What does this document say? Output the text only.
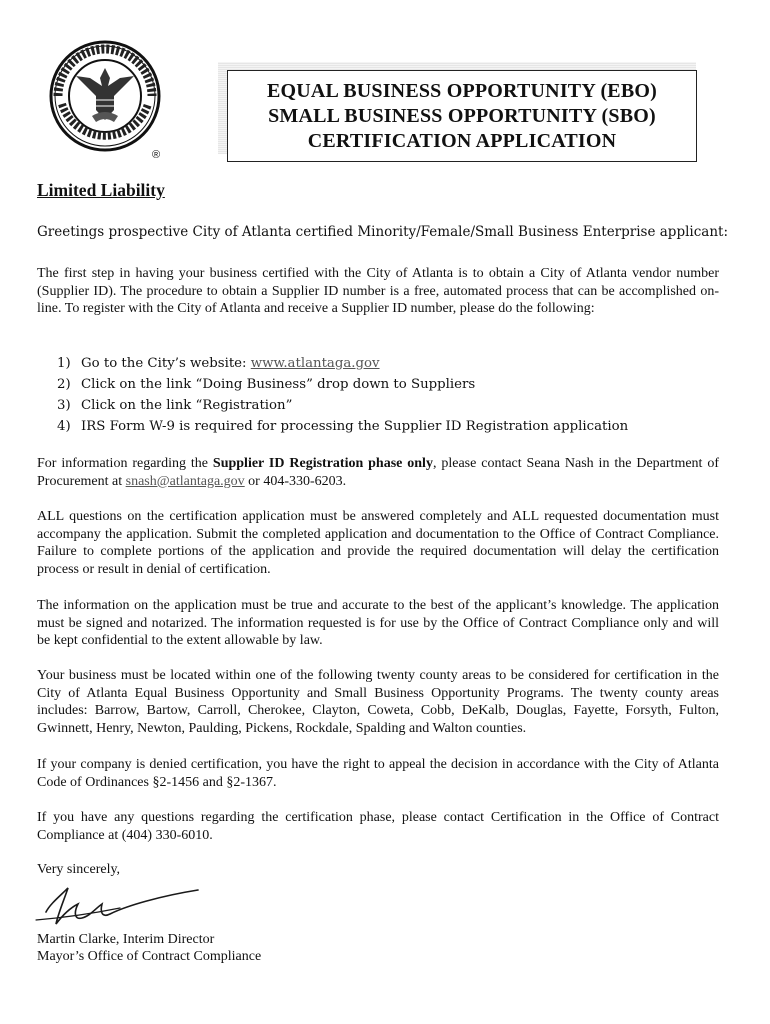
®
EQUAL BUSINESS OPPORTUNITY (EBO)
SMALL BUSINESS OPPORTUNITY (SBO)
CERTIFICATION APPLICATION
Limited Liability
Greetings prospective City of Atlanta certified Minority/Female/Small Business Enterprise applicant:
The first step in having your business certified with the City of Atlanta is to obtain a City of Atlanta vendor number (Supplier ID). The procedure to obtain a Supplier ID number is a free, automated process that can be accomplished on-line. To register with the City of Atlanta and receive a Supplier ID number, please do the following:
1) Go to the City’s website:
www.atlantaga.gov
2) Click on the link “Doing Business” drop down to Suppliers
3) Click on the link “Registration”
4) IRS Form W-9 is required for processing the Supplier ID Registration application
For information regarding the Supplier ID Registration phase only, please contact Seana Nash in the Department of Procurement at snash@atlantaga.gov or 404-330-6203.
ALL questions on the certification application must be answered completely and ALL requested documentation must accompany the application. Submit the completed application and documentation to the Office of Contract Compliance. Failure to complete portions of the application and provide the required documentation will delay the certification process or result in denial of certification.
The information on the application must be true and accurate to the best of the applicant’s knowledge. The application must be signed and notarized. The information requested is for use by the Office of Contract Compliance only and will be kept confidential to the extent allowable by law.
Your business must be located within one of the following twenty county areas to be considered for certification in the City of Atlanta Equal Business Opportunity and Small Business Opportunity Programs. The twenty county areas includes: Barrow, Bartow, Carroll, Cherokee, Clayton, Coweta, Cobb, DeKalb, Douglas, Fayette, Forsyth, Fulton, Gwinnett, Henry, Newton, Paulding, Pickens, Rockdale, Spalding and Walton counties.
If your company is denied certification, you have the right to appeal the decision in accordance with the City of Atlanta Code of Ordinances §2-1456 and §2-1367.
If you have any questions regarding the certification phase, please contact Certification in the Office of Contract Compliance at (404) 330-6010.
Very sincerely,
Martin Clarke, Interim Director
Mayor’s Office of Contract Compliance
